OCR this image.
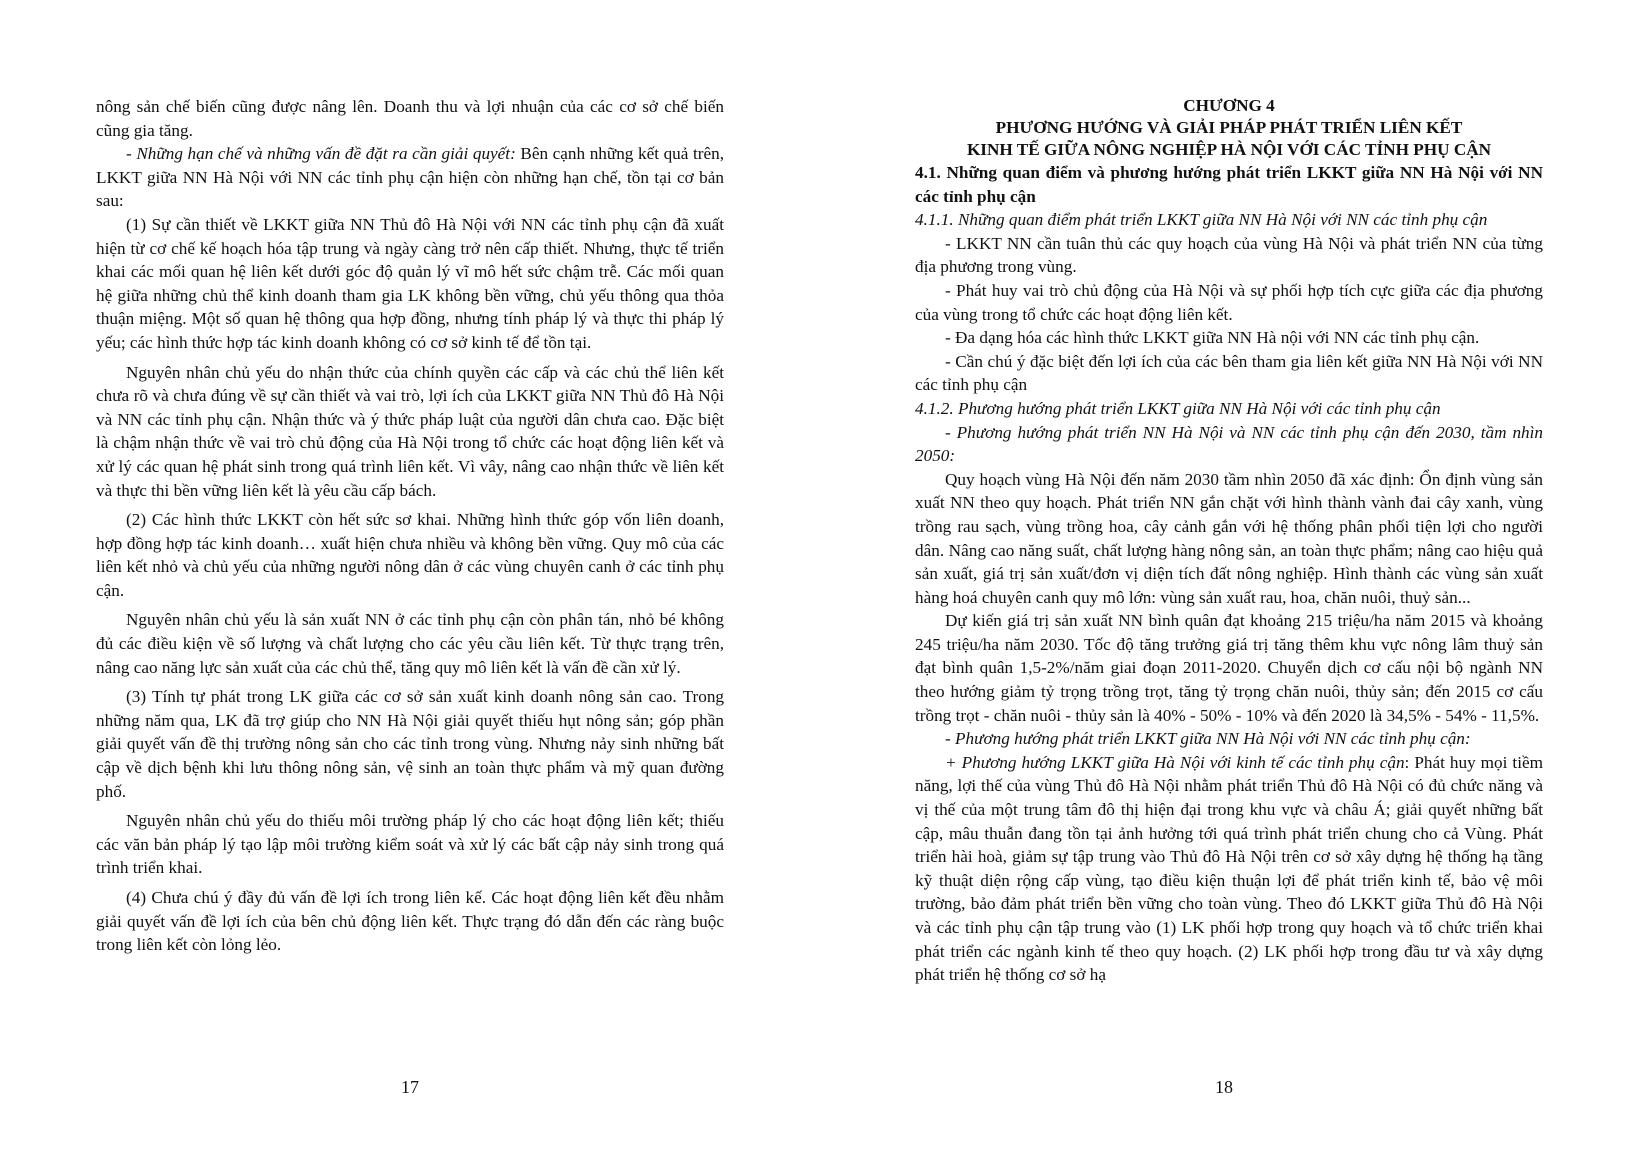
nông sản chế biến cũng được nâng lên. Doanh thu và lợi nhuận của các cơ sở chế biến cũng gia tăng.

- Những hạn chế và những vấn đề đặt ra cần giải quyết: Bên cạnh những kết quả trên, LKKT giữa NN Hà Nội với NN các tỉnh phụ cận hiện còn những hạn chế, tồn tại cơ bản sau:

(1) Sự cần thiết về LKKT giữa NN Thủ đô Hà Nội với NN các tỉnh phụ cận đã xuất hiện từ cơ chế kế hoạch hóa tập trung và ngày càng trở nên cấp thiết. Nhưng, thực tế triển khai các mối quan hệ liên kết dưới góc độ quản lý vĩ mô hết sức chậm trễ. Các mối quan hệ giữa những chủ thể kinh doanh tham gia LK không bền vững, chủ yếu thông qua thỏa thuận miệng. Một số quan hệ thông qua hợp đồng, nhưng tính pháp lý và thực thi pháp lý yếu; các hình thức hợp tác kinh doanh không có cơ sở kinh tế để tồn tại.

Nguyên nhân chủ yếu do nhận thức của chính quyền các cấp và các chủ thể liên kết chưa rõ và chưa đúng về sự cần thiết và vai trò, lợi ích của LKKT giữa NN Thủ đô Hà Nội và NN các tỉnh phụ cận. Nhận thức và ý thức pháp luật của người dân chưa cao. Đặc biệt là chậm nhận thức về vai trò chủ động của Hà Nội trong tổ chức các hoạt động liên kết và xử lý các quan hệ phát sinh trong quá trình liên kết. Vì vây, nâng cao nhận thức về liên kết và thực thi bền vững liên kết là yêu cầu cấp bách.

(2) Các hình thức LKKT còn hết sức sơ khai. Những hình thức góp vốn liên doanh, hợp đồng hợp tác kinh doanh… xuất hiện chưa nhiều và không bền vững. Quy mô của các liên kết nhỏ và chủ yếu của những người nông dân ở các vùng chuyên canh ở các tỉnh phụ cận.

Nguyên nhân chủ yếu là sản xuất NN ở các tỉnh phụ cận còn phân tán, nhỏ bé không đủ các điều kiện về số lượng và chất lượng cho các yêu cầu liên kết. Từ thực trạng trên, nâng cao năng lực sản xuất của các chủ thể, tăng quy mô liên kết là vấn đề cần xử lý.

(3) Tính tự phát trong LK giữa các cơ sở sản xuất kinh doanh nông sản cao. Trong những năm qua, LK đã trợ giúp cho NN Hà Nội giải quyết thiếu hụt nông sản; góp phần giải quyết vấn đề thị trường nông sản cho các tỉnh trong vùng. Nhưng nảy sinh những bất cập về dịch bệnh khi lưu thông nông sản, vệ sinh an toàn thực phẩm và mỹ quan đường phố.

Nguyên nhân chủ yếu do thiếu môi trường pháp lý cho các hoạt động liên kết; thiếu các văn bản pháp lý tạo lập môi trường kiểm soát và xử lý các bất cập nảy sinh trong quá trình triển khai.

(4) Chưa chú ý đầy đủ vấn đề lợi ích trong liên kế. Các hoạt động liên kết đều nhằm giải quyết vấn đề lợi ích của bên chủ động liên kết. Thực trạng đó dẫn đến các ràng buộc trong liên kết còn lỏng lẻo.

17

CHƯƠNG 4

PHƯƠNG HƯỚNG VÀ GIẢI PHÁP PHÁT TRIỂN LIÊN KẾT

KINH TẾ GIỮA NÔNG NGHIỆP HÀ NỘI VỚI CÁC TỈNH PHỤ CẬN

4.1. Những quan điểm và phương hướng phát triển LKKT giữa NN Hà Nội với NN các tỉnh phụ cận

4.1.1. Những quan điểm phát triển LKKT giữa NN Hà Nội với NN các tỉnh phụ cận

- LKKT NN cần tuân thủ các quy hoạch của vùng Hà Nội và phát triển NN của từng địa phương trong vùng.

- Phát huy vai trò chủ động của Hà Nội và sự phối hợp tích cực giữa các địa phương của vùng trong tổ chức các hoạt động liên kết.

- Đa dạng hóa các hình thức LKKT giữa NN Hà nội với NN các tỉnh phụ cận.

- Cần chú ý đặc biệt đến lợi ích của các bên tham gia liên kết giữa NN Hà Nội với NN các tỉnh phụ cận

4.1.2. Phương hướng phát triển LKKT giữa NN Hà Nội với các tỉnh phụ cận

- Phương hướng phát triển NN Hà Nội và NN các tỉnh phụ cận đến 2030, tầm nhìn 2050:

Quy hoạch vùng Hà Nội đến năm 2030 tầm nhìn 2050 đã xác định: Ổn định vùng sản xuất NN theo quy hoạch. Phát triển NN gắn chặt với hình thành vành đai cây xanh, vùng trồng rau sạch, vùng trồng hoa, cây cảnh gắn với hệ thống phân phối tiện lợi cho người dân. Nâng cao năng suất, chất lượng hàng nông sản, an toàn thực phẩm; nâng cao hiệu quả sản xuất, giá trị sản xuất/đơn vị diện tích đất nông nghiệp. Hình thành các vùng sản xuất hàng hoá chuyên canh quy mô lớn: vùng sản xuất rau, hoa, chăn nuôi, thuỷ sản...

Dự kiến giá trị sản xuất NN bình quân đạt khoảng 215 triệu/ha năm 2015 và khoảng 245 triệu/ha năm 2030. Tốc độ tăng trưởng giá trị tăng thêm khu vực nông lâm thuỷ sản đạt bình quân 1,5-2%/năm giai đoạn 2011-2020. Chuyển dịch cơ cấu nội bộ ngành NN theo hướng giảm tỷ trọng trồng trọt, tăng tỷ trọng chăn nuôi, thủy sản; đến 2015 cơ cấu trồng trọt - chăn nuôi - thủy sản là 40% - 50% - 10% và đến 2020 là 34,5% - 54% - 11,5%.

- Phương hướng phát triển LKKT giữa NN Hà Nội với NN các tỉnh phụ cận:

+ Phương hướng LKKT giữa Hà Nội với kinh tế các tỉnh phụ cận: Phát huy mọi tiềm năng, lợi thế của vùng Thủ đô Hà Nội nhằm phát triển Thủ đô Hà Nội có đủ chức năng và vị thế của một trung tâm đô thị hiện đại trong khu vực và châu Á; giải quyết những bất cập, mâu thuẫn đang tồn tại ảnh hưởng tới quá trình phát triển chung cho cả Vùng. Phát triển hài hoà, giảm sự tập trung vào Thủ đô Hà Nội trên cơ sở xây dựng hệ thống hạ tầng kỹ thuật diện rộng cấp vùng, tạo điều kiện thuận lợi để phát triển kinh tế, bảo vệ môi trường, bảo đảm phát triển bền vững cho toàn vùng. Theo đó LKKT giữa Thủ đô Hà Nội và các tỉnh phụ cận tập trung vào (1) LK phối hợp trong quy hoạch và tổ chức triển khai phát triển các ngành kinh tế theo quy hoạch. (2) LK phối hợp trong đầu tư và xây dựng phát triển hệ thống cơ sở hạ

18
